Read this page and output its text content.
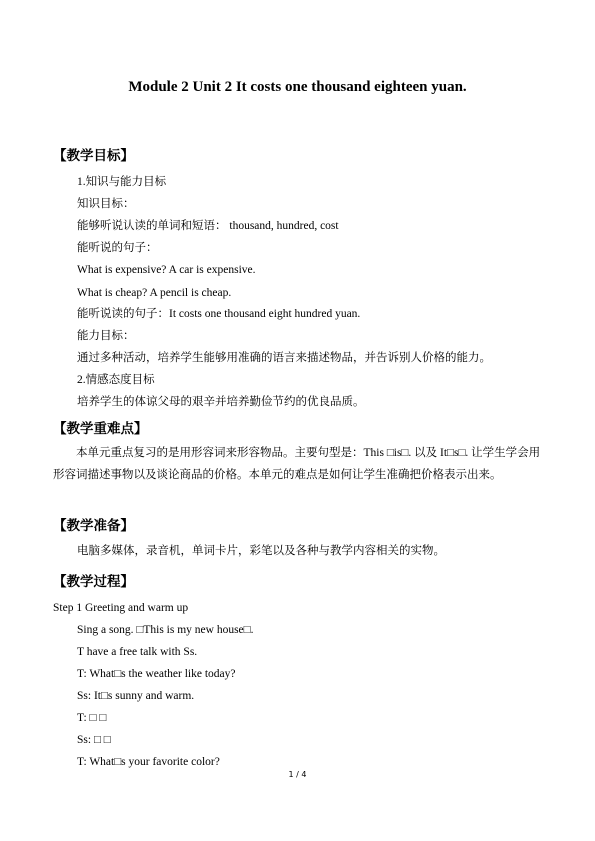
Module 2 Unit 2 It costs one thousand eighteen yuan.
【教学目标】
1.知识与能力目标
知识目标：
能够听说认读的单词和短语： thousand, hundred, cost
能听说的句子：
What is expensive? A car is expensive.
What is cheap? A pencil is cheap.
能听说读的句子：It costs one thousand eight hundred yuan.
能力目标：
通过多种活动，培养学生能够用准确的语言来描述物品，并告诉别人价格的能力。
2.情感态度目标
培养学生的体谅父母的艰辛并培养勤俭节约的优良品质。
【教学重难点】
本单元重点复习的是用形容词来形容物品。主要句型是：This □is□. 以及 It□s□. 让学生学会用形容词描述事物以及谈论商品的价格。本单元的难点是如何让学生准确把价格表示出来。
【教学准备】
电脑多媒体，录音机，单词卡片，彩笔以及各种与教学内容相关的实物。
【教学过程】
Step 1 Greeting and warm up
Sing a song. □This is my new house□.
T have a free talk with Ss.
T: What□s the weather like today?
Ss: It□s sunny and warm.
T: □ □
Ss: □ □
T: What□s your favorite color?
1 / 4
